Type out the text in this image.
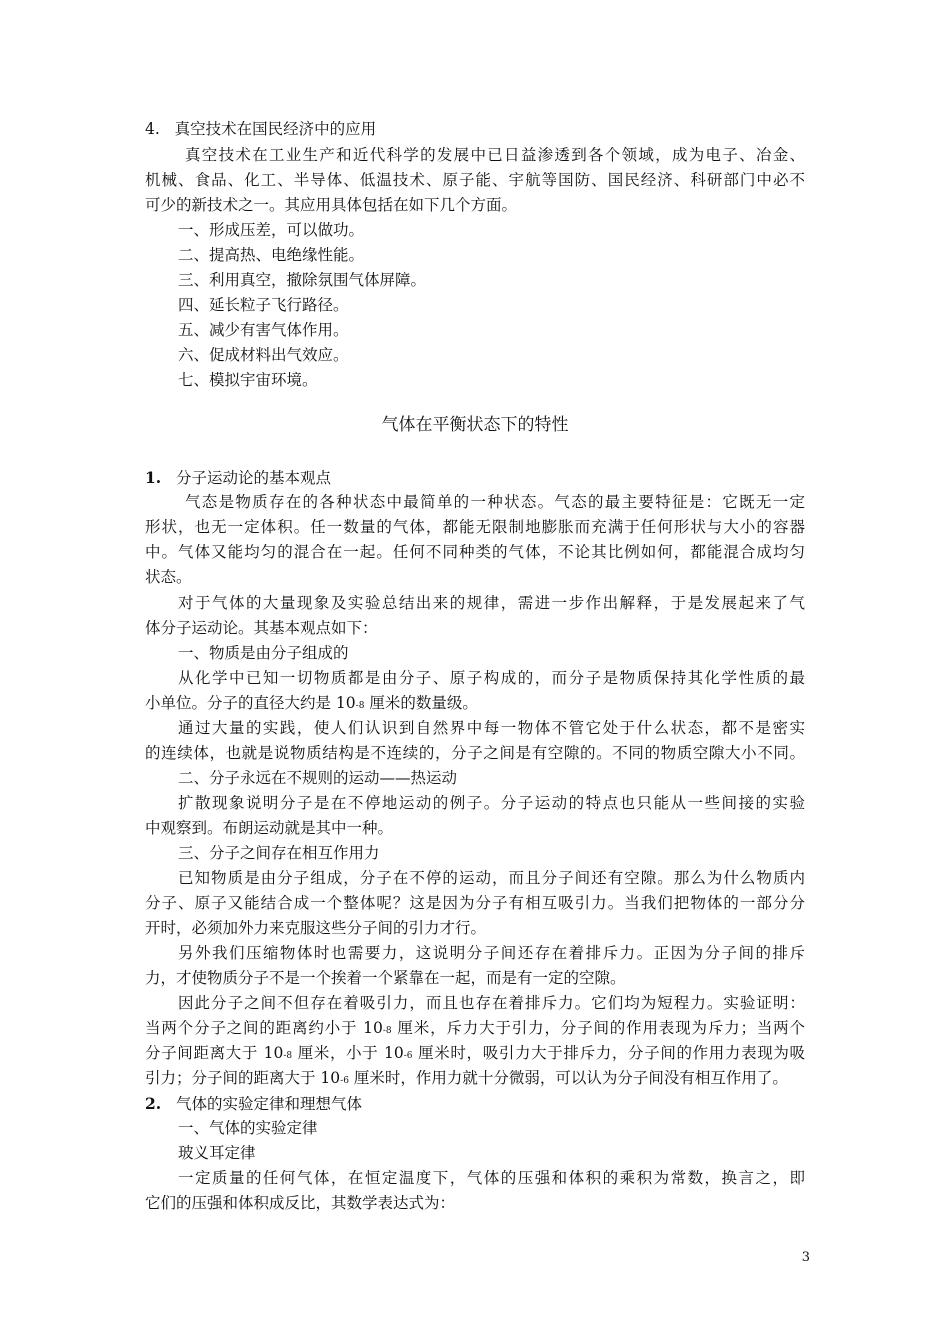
4. 真空技术在国民经济中的应用
真空技术在工业生产和近代科学的发展中已日益渗透到各个领域，成为电子、冶金、
机械、食品、化工、半导体、低温技术、原子能、宇航等国防、国民经济、科研部门中必不
可少的新技术之一。其应用具体包括在如下几个方面。
一、形成压差，可以做功。
二、提高热、电绝缘性能。
三、利用真空，撤除氛围气体屏障。
四、延长粒子飞行路径。
五、减少有害气体作用。
六、促成材料出气效应。
七、模拟宇宙环境。
气体在平衡状态下的特性
1. 分子运动论的基本观点
气态是物质存在的各种状态中最简单的一种状态。气态的最主要特征是：它既无一定
形状，也无一定体积。任一数量的气体，都能无限制地膨胀而充满于任何形状与大小的容器
中。气体又能均匀的混合在一起。任何不同种类的气体，不论其比例如何，都能混合成均匀
状态。
对于气体的大量现象及实验总结出来的规律，需进一步作出解释，于是发展起来了气
体分子运动论。其基本观点如下：
一、物质是由分子组成的
从化学中已知一切物质都是由分子、原子构成的，而分子是物质保持其化学性质的最
小单位。分子的直径大约是 10-8 厘米的数量级。
通过大量的实践，使人们认识到自然界中每一物体不管它处于什么状态，都不是密实
的连续体，也就是说物质结构是不连续的，分子之间是有空隙的。不同的物质空隙大小不同。
二、分子永远在不规则的运动——热运动
扩散现象说明分子是在不停地运动的例子。分子运动的特点也只能从一些间接的实验
中观察到。布朗运动就是其中一种。
三、分子之间存在相互作用力
已知物质是由分子组成，分子在不停的运动，而且分子间还有空隙。那么为什么物质内
分子、原子又能结合成一个整体呢？这是因为分子有相互吸引力。当我们把物体的一部分分
开时，必须加外力来克服这些分子间的引力才行。
另外我们压缩物体时也需要力，这说明分子间还存在着排斥力。正因为分子间的排斥
力，才使物质分子不是一个挨着一个紧靠在一起，而是有一定的空隙。
因此分子之间不但存在着吸引力，而且也存在着排斥力。它们均为短程力。实验证明：
当两个分子之间的距离约小于 10-8 厘米，斥力大于引力，分子间的作用表现为斥力；当两个
分子间距离大于 10-8 厘米，小于 10-6 厘米时，吸引力大于排斥力，分子间的作用力表现为吸
引力；分子间的距离大于 10-6 厘米时，作用力就十分微弱，可以认为分子间没有相互作用了。
2. 气体的实验定律和理想气体
一、气体的实验定律
玻义耳定律
一定质量的任何气体，在恒定温度下，气体的压强和体积的乘积为常数，换言之，即
它们的压强和体积成反比，其数学表达式为：
3
